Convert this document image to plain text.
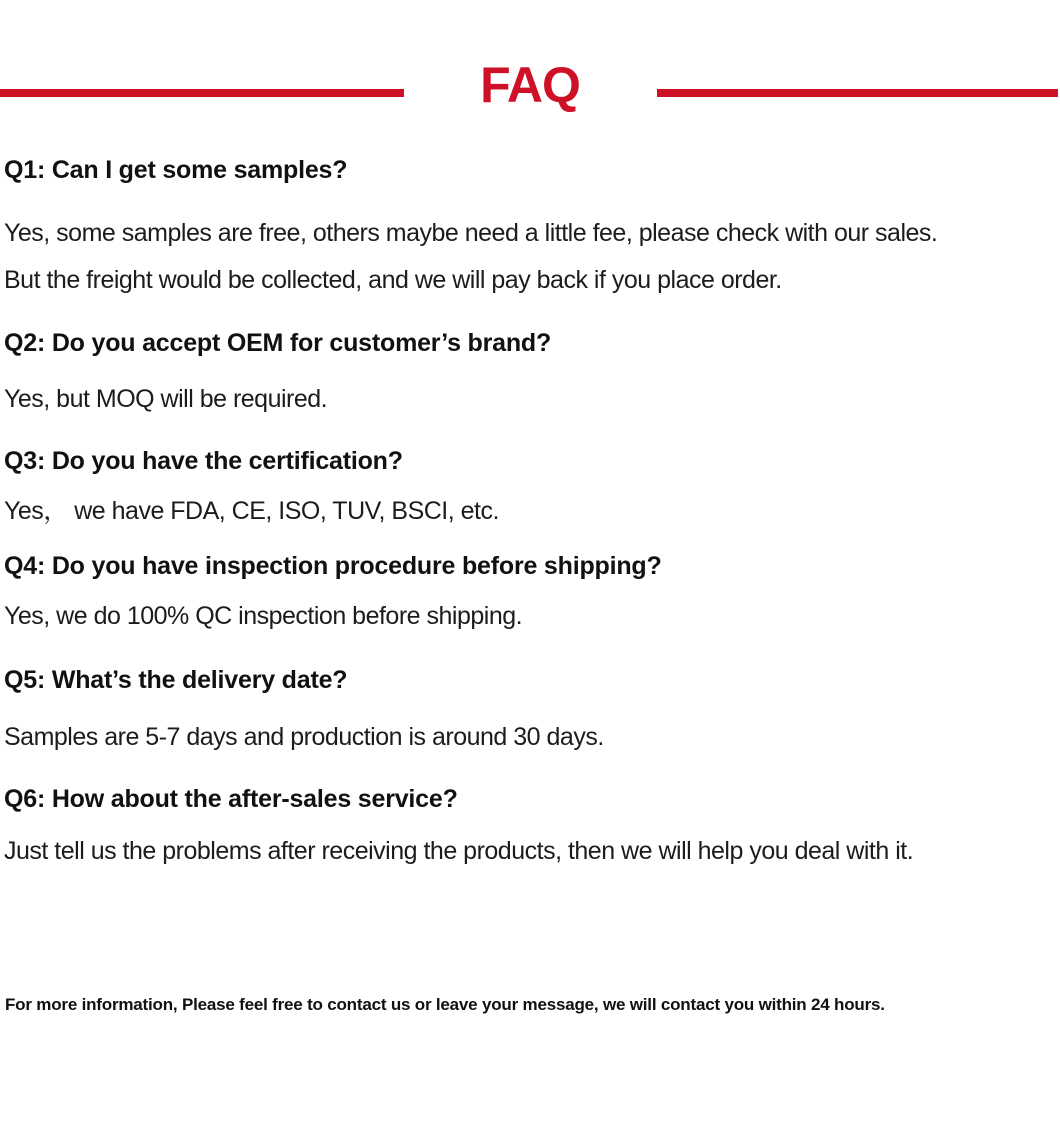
FAQ
Q1: Can I get some samples?

Yes, some samples are free, others maybe need a little fee, please check with our sales.

But the freight would be collected, and we will pay back if you place order.

Q2: Do you accept OEM for customer’s brand?

Yes, but MOQ will be required.

Q3: Do you have the certification?

Yes， we have FDA, CE, ISO, TUV, BSCI, etc.

Q4: Do you have inspection procedure before shipping?

Yes, we do 100% QC inspection before shipping.

Q5: What’s the delivery date?

Samples are 5-7 days and production is around 30 days.

Q6: How about the after-sales service?

Just tell us the problems after receiving the products, then we will help you deal with it.

For more information, Please feel free to contact us or leave your message, we will contact you within 24 hours.
